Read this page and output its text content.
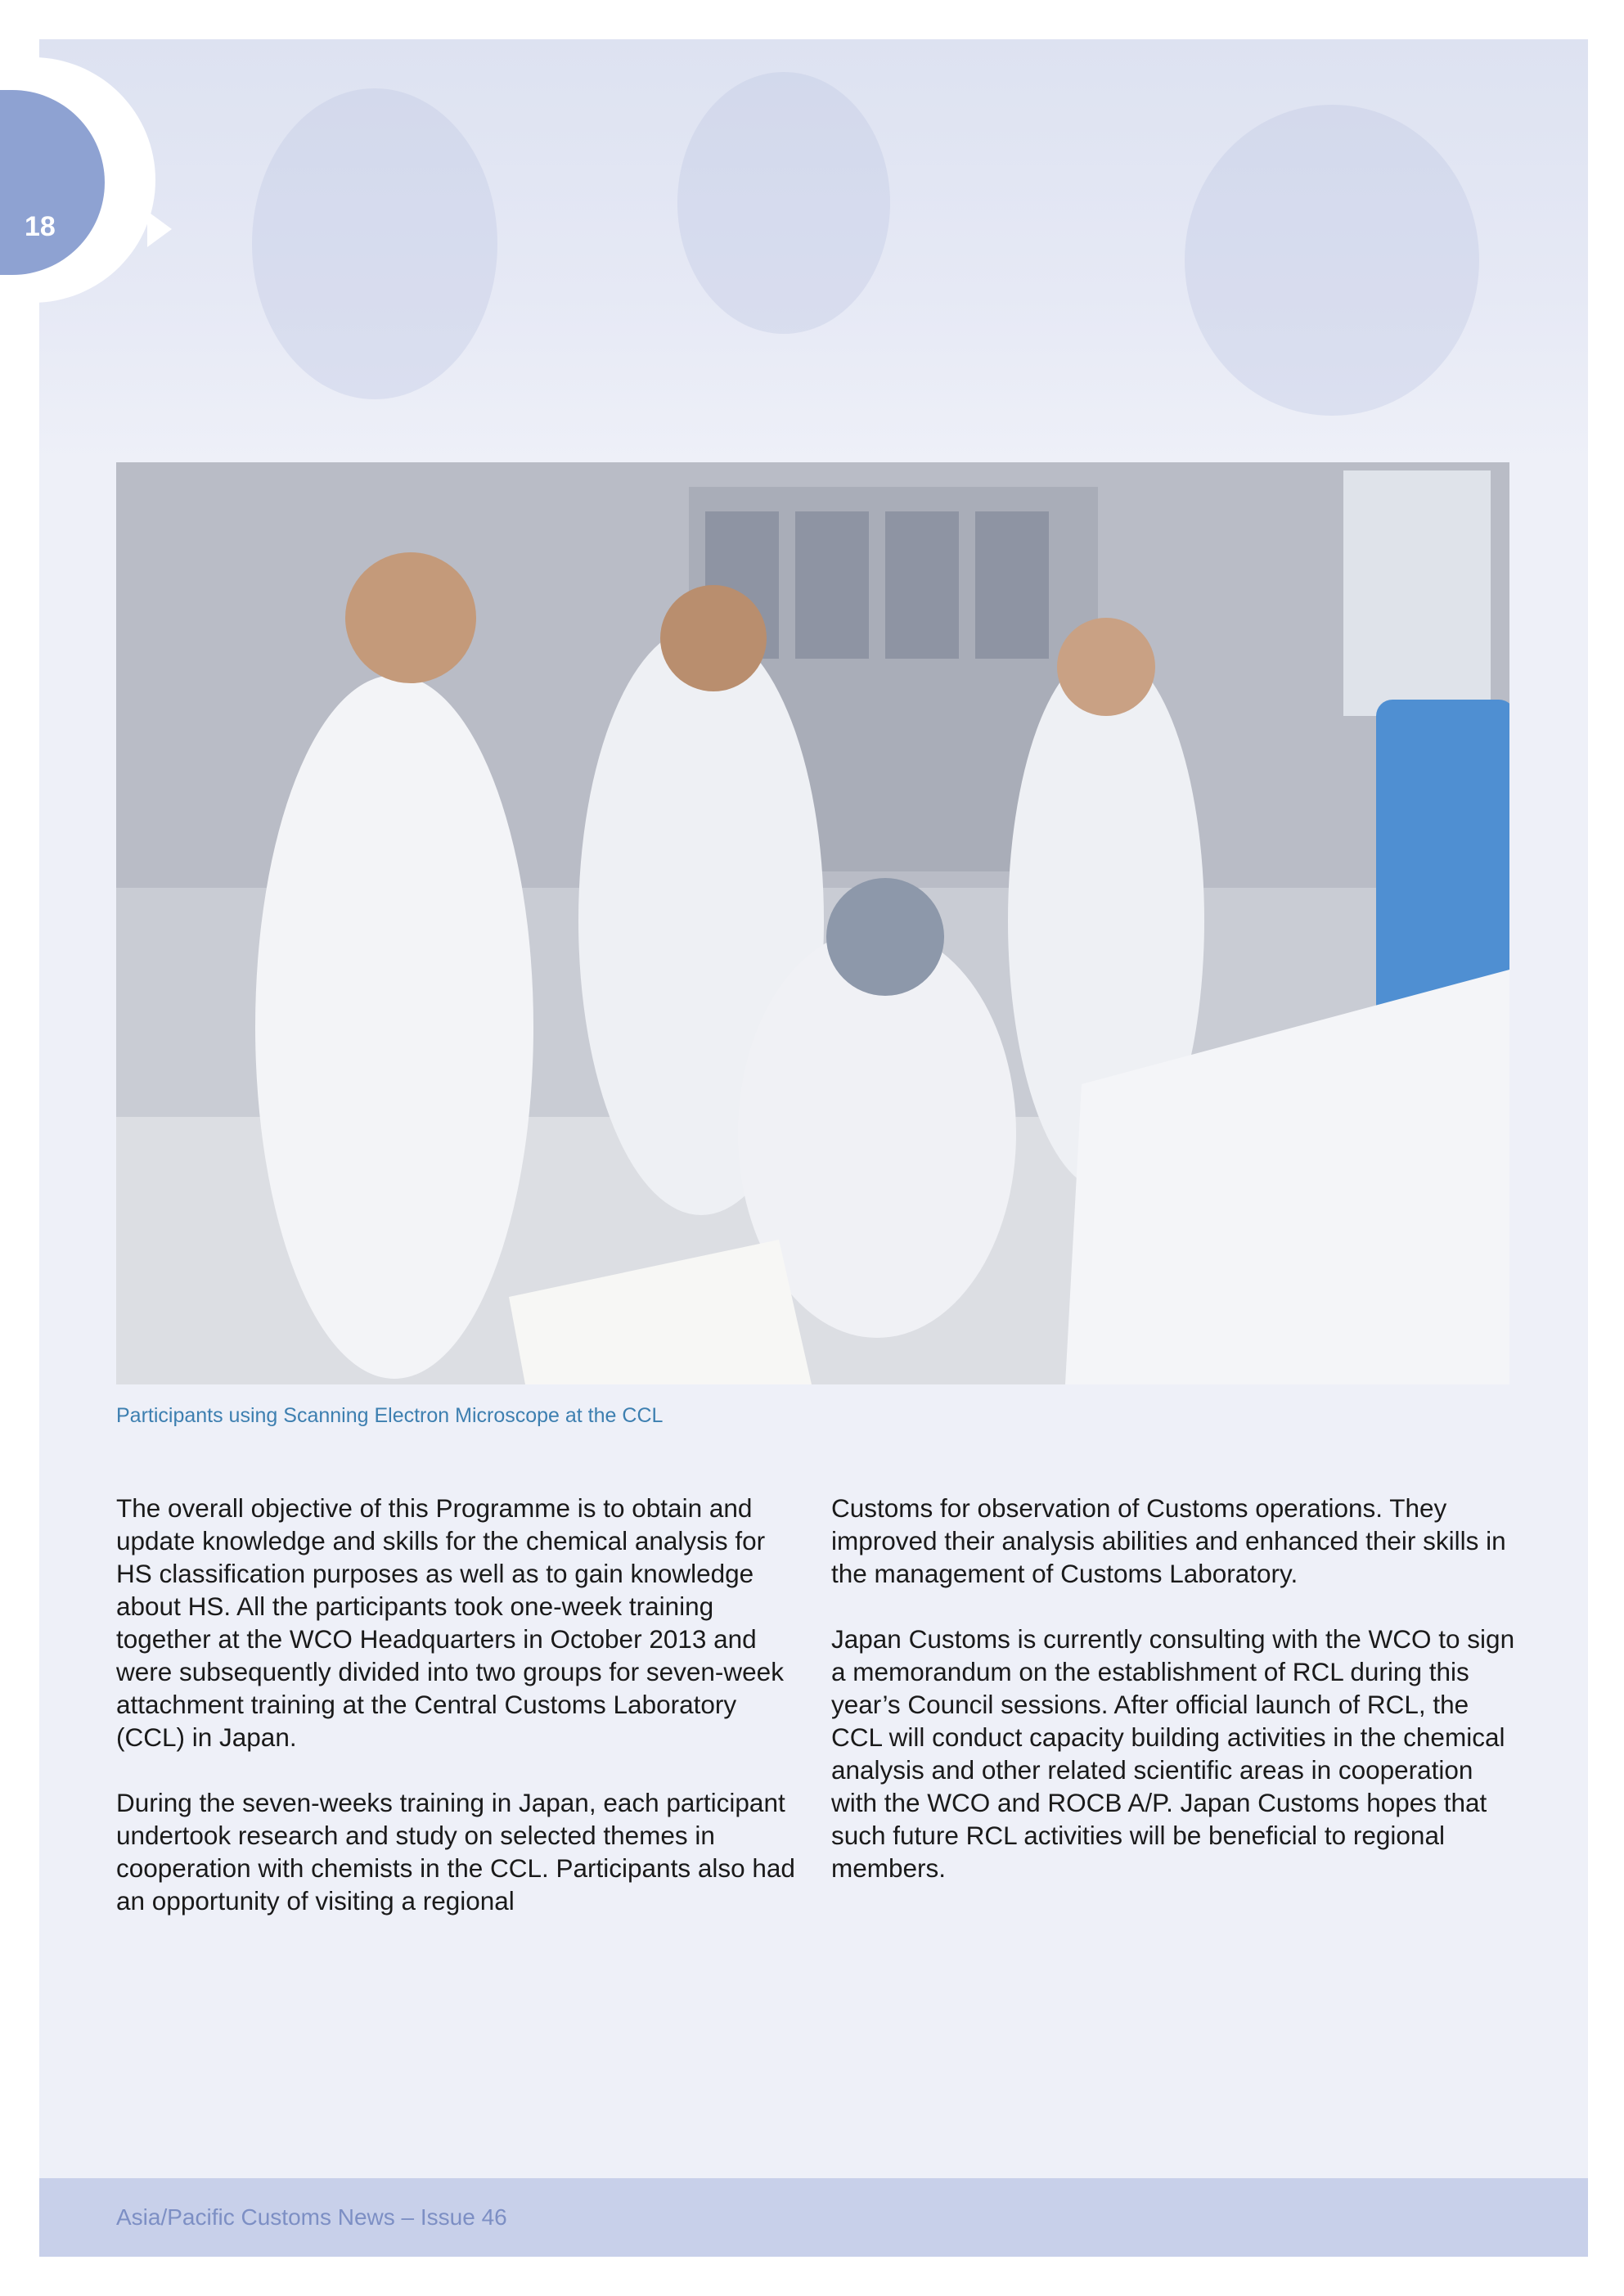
18
Participants using Scanning Electron Microscope at the CCL

The overall objective of this Programme is to obtain and update knowledge and skills for the chemical analysis for HS classification purposes as well as to gain knowledge about HS. All the participants took one-week training together at the WCO Headquarters in October 2013 and were subsequently divided into two groups for seven-week attachment training at the Central Customs Laboratory (CCL) in Japan.

During the seven-weeks training in Japan, each participant undertook research and study on selected themes in cooperation with chemists in the CCL. Participants also had an opportunity of visiting a regional

Customs for observation of Customs operations. They improved their analysis abilities and enhanced their skills in the management of Customs Laboratory.

Japan Customs is currently consulting with the WCO to sign a memorandum on the establishment of RCL during this year’s Council sessions. After official launch of RCL, the CCL will conduct capacity building activities in the chemical analysis and other related scientific areas in cooperation with the WCO and ROCB A/P. Japan Customs hopes that such future RCL activities will be beneficial to regional members.

Asia/Pacific Customs News – Issue 46
